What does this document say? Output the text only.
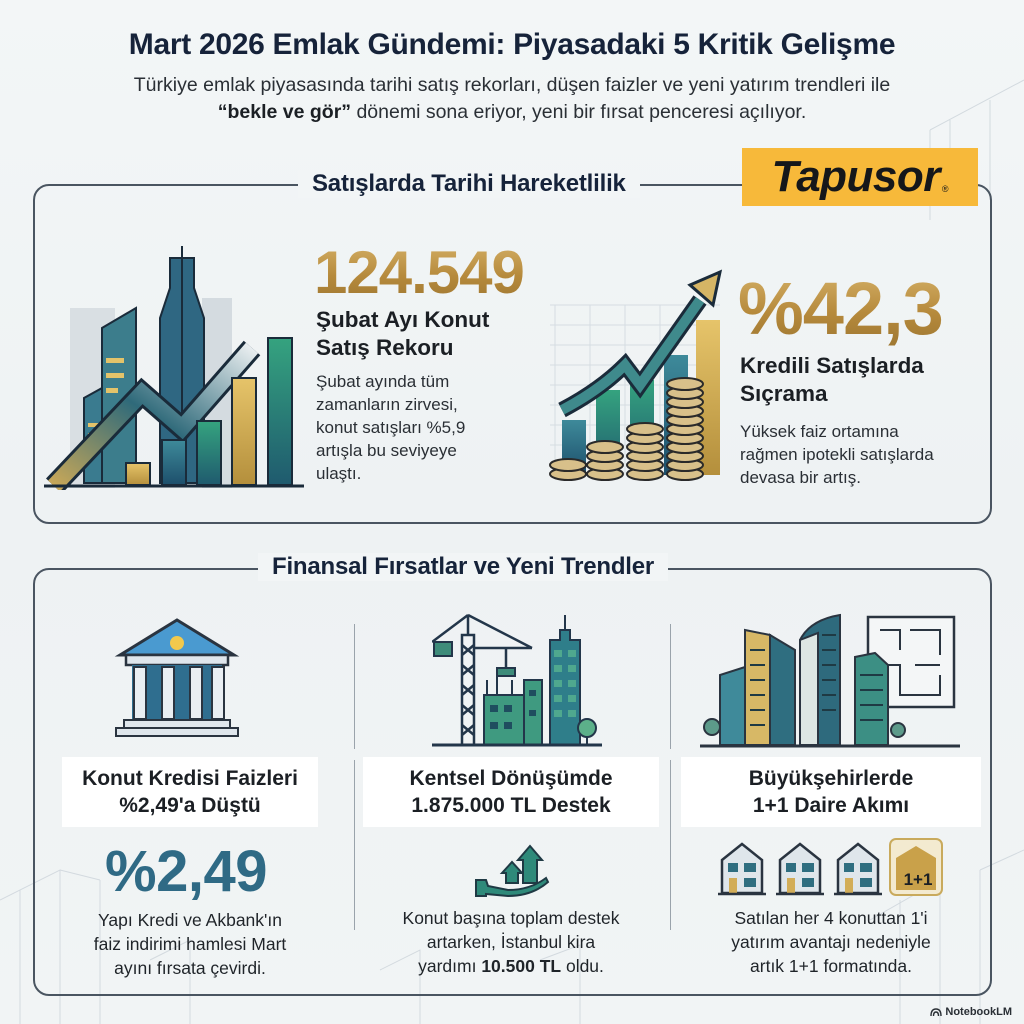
Mart 2026 Emlak Gündemi: Piyasadaki 5 Kritik Gelişme
Türkiye emlak piyasasında tarihi satış rekorları, düşen faizler ve yeni yatırım trendleri ile
“bekle ve gör” dönemi sona eriyor, yeni bir fırsat penceresi açılıyor.
Satışlarda Tarihi Hareketlilik	Tapusor ®
124.549
Şubat Ayı Konut
Satış Rekoru
Şubat ayında tüm
zamanların zirvesi,
konut satışları %5,9
artışla bu seviyeye
ulaştı.
%42,3
Kredili Satışlarda
Sıçrama
Yüksek faiz ortamına
rağmen ipotekli satışlarda
devasa bir artış.
Finansal Fırsatlar ve Yeni Trendler
Konut Kredisi Faizleri
%2,49'a Düştü
%2,49
Yapı Kredi ve Akbank'ın
faiz indirimi hamlesi Mart
ayını fırsata çevirdi.
Kentsel Dönüşümde
1.875.000 TL Destek
Konut başına toplam destek
artarken, İstanbul kira
yardımı 10.500 TL oldu.
Büyükşehirlerde
1+1 Daire Akımı
1+1
Satılan her 4 konuttan 1'i
yatırım avantajı nedeniyle
artık 1+1 formatında.
NotebookLM
